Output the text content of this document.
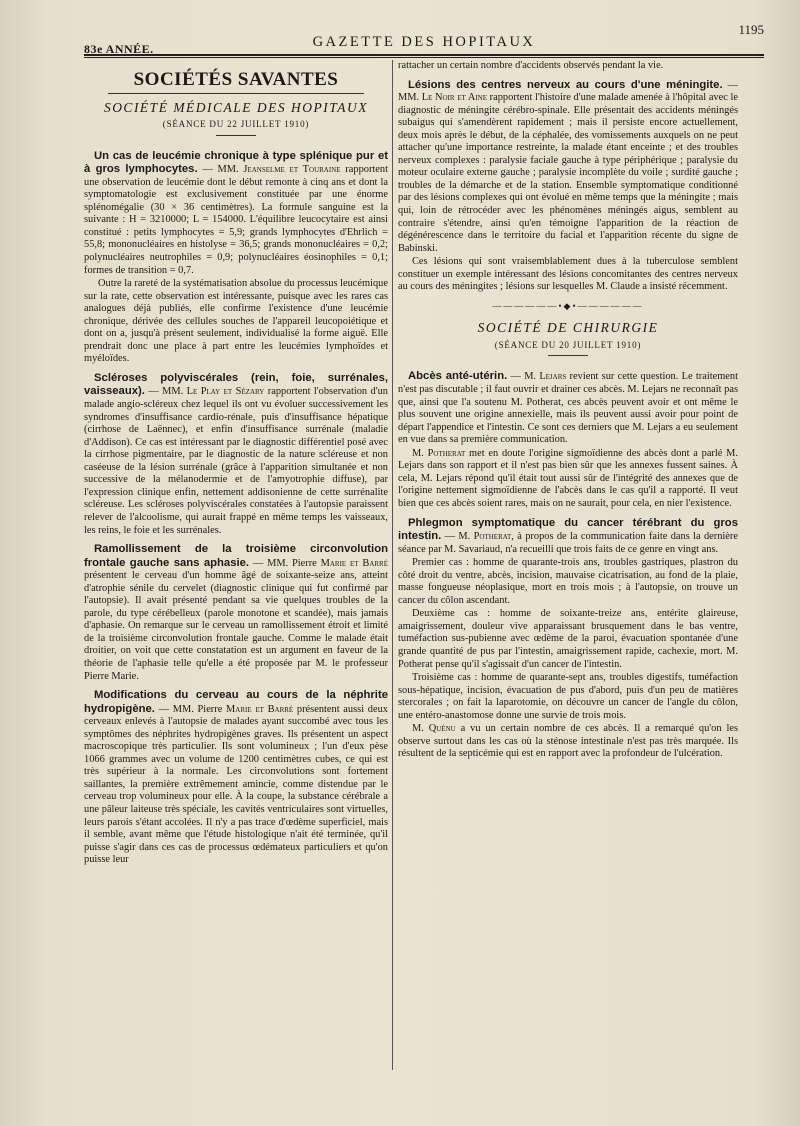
83e ANNÉE.	GAZETTE DES HOPITAUX
1195
SOCIÉTÉS SAVANTES
SOCIÉTÉ MÉDICALE DES HOPITAUX
(SÉANCE DU 22 JUILLET 1910)

Un cas de leucémie chronique à type splénique pur et à gros lymphocytes. — MM. Jeanselme et Touraine rapportent une observation de leucémie dont le début remonte à cinq ans et dont la symptomatologie est exclusivement constituée par une énorme splénomégalie (30 × 36 centimètres). La formule sanguine est la suivante : H = 3210000; L = 154000. L'équilibre leucocytaire est ainsi constitué : petits lymphocytes = 5,9; grands lymphocytes d'Ehrlich = 55,8; mononucléaires en histolyse = 36,5; grands mononucléaires = 0,2; polynucléaires neutrophiles = 0,9; polynucléaires éosinophiles = 0,1; formes de transition = 0,7.

Outre la rareté de la systématisation absolue du processus leucémique sur la rate, cette observation est intéressante, puisque avec les rares cas analogues déjà publiés, elle confirme l'existence d'une leucémie chronique, dérivée des cellules souches de l'appareil leucopoiétique et dont on a, jusqu'à présent seulement, individualisé la forme aiguë. Elle prendrait donc une place à part entre les leucémies lymphoïdes et myéloïdes.

Scléroses polyviscérales (rein, foie, surrénales, vaisseaux). — MM. Le Play et Sézary rapportent l'observation d'un malade angio-scléreux chez lequel ils ont vu évoluer successivement les syndromes d'insuffisance cardio-rénale, puis d'insuffisance hépatique (cirrhose de Laënnec), et enfin d'insuffisance surrénale (maladie d'Addison). Ce cas est intéressant par le diagnostic différentiel posé avec la cirrhose pigmentaire, par le diagnostic de la nature scléreuse et non caséeuse de la lésion surrénale (grâce à l'apparition simultanée et non successive de la mélanodermie et de l'amyotrophie diffuse), par l'expression clinique enfin, nettement addisonienne de cette surrénalite scléreuse. Les scléroses polyviscérales constatées à l'autopsie paraissent relever de l'alcoolisme, qui aurait frappé en même temps les vaisseaux, les reins, le foie et les surrénales.

Ramollissement de la troisième circonvolution frontale gauche sans aphasie. — MM. Pierre Marie et Barré présentent le cerveau d'un homme âgé de soixante-seize ans, atteint d'atrophie sénile du cervelet (diagnostic clinique qui fut confirmé par l'autopsie). Il avait présenté pendant sa vie quelques troubles de la parole, du type cérébelleux (parole monotone et scandée), mais jamais d'aphasie. On remarque sur le cerveau un ramollissement étroit et limité de la troisième circonvolution frontale gauche. Comme le malade était droitier, on voit que cette constatation est un argument en faveur de la théorie de l'aphasie telle qu'elle a été proposée par M. le professeur Pierre Marie.

Modifications du cerveau au cours de la néphrite hydropigène. — MM. Pierre Marie et Barré présentent aussi deux cerveaux enlevés à l'autopsie de malades ayant succombé avec tous les symptômes des néphrites hydropigènes graves. Ils présentent un aspect macroscopique très particulier. Ils sont volumineux ; l'un d'eux pèse 1066 grammes avec un volume de 1200 centimètres cubes, ce qui est très supérieur à la normale. Les circonvolutions sont fortement saillantes, la première extrêmement amincie, comme distendue par le cerveau trop volumineux pour elle. À la coupe, la substance cérébrale a une pâleur laiteuse très spéciale, les cavités ventriculaires sont virtuelles, leurs parois s'étant accolées. Il n'y a pas trace d'œdème superficiel, mais il semble, avant même que l'étude histologique n'ait été terminée, qu'il puisse s'agir dans ces cas de processus œdémateux particuliers et qu'on puisse leur

rattacher un certain nombre d'accidents observés pendant la vie.

Lésions des centres nerveux au cours d'une méningite. — MM. Le Noir et Aine rapportent l'histoire d'une malade amenée à l'hôpital avec le diagnostic de méningite cérébro-spinale. Elle présentait des accidents méningés subaigus qui s'amendèrent rapidement ; mais il persiste encore actuellement, deux mois après le début, de la céphalée, des vomissements auxquels on ne peut attacher qu'une importance restreinte, la malade étant enceinte ; et des troubles nerveux complexes : paralysie faciale gauche à type périphérique ; paralysie du moteur oculaire externe gauche ; paralysie incomplète du voile ; surdité gauche ; troubles de la démarche et de la station. Ensemble symptomatique conditionné par des lésions complexes qui ont évolué en même temps que la méningite ; mais qui, loin de rétrocéder avec les phénomènes méningés aigus, semblent au contraire s'étendre, ainsi qu'en témoigne l'apparition de la réaction de dégénérescence dans le territoire du facial et l'apparition récente du signe de Babinski.

Ces lésions qui sont vraisemblablement dues à la tuberculose semblent constituer un exemple intéressant des lésions concomitantes des centres nerveux au cours des méningites ; lésions sur lesquelles M. Claude a insisté récemment.

——————•◆•——————
SOCIÉTÉ DE CHIRURGIE
(SÉANCE DU 20 JUILLET 1910)

Abcès anté-utérin. — M. Lejars revient sur cette question. Le traitement n'est pas discutable ; il faut ouvrir et drainer ces abcès. M. Lejars ne reconnaît pas que, ainsi que l'a soutenu M. Potherat, ces abcès peuvent avoir et ont même le plus souvent une origine annexielle, mais ils peuvent aussi avoir pour point de départ l'appendice et l'intestin. Ce sont ces derniers que M. Lejars a eu seulement en vue dans sa première communication.

M. Potherat met en doute l'origine sigmoïdienne des abcès dont a parlé M. Lejars dans son rapport et il n'est pas bien sûr que les annexes fussent saines. À cela, M. Lejars répond qu'il était tout aussi sûr de l'intégrité des annexes que de l'origine nettement sigmoïdienne de l'abcès dans le cas qu'il a rapporté. Il veut bien que ces abcès soient rares, mais on ne saurait, pour cela, en nier l'existence.

Phlegmon symptomatique du cancer térébrant du gros intestin. — M. Potherat, à propos de la communication faite dans la dernière séance par M. Savariaud, n'a recueilli que trois faits de ce genre en vingt ans.

Premier cas : homme de quarante-trois ans, troubles gastriques, plastron du côté droit du ventre, abcès, incision, mauvaise cicatrisation, au fond de la plaie, masse fongueuse néoplasique, mort en trois mois ; à l'autopsie, on trouve un cancer du côlon ascendant.

Deuxième cas : homme de soixante-treize ans, entérite glaireuse, amaigrissement, douleur vive apparaissant brusquement dans le bas ventre, tuméfaction sus-pubienne avec œdème de la paroi, évacuation spontanée d'une grande quantité de pus par l'intestin, amaigrissement rapide, cachexie, mort. M. Potherat pense qu'il s'agissait d'un cancer de l'intestin.

Troisième cas : homme de quarante-sept ans, troubles digestifs, tuméfaction sous-hépatique, incision, évacuation de pus d'abord, puis d'un peu de matières stercorales ; on fait la laparotomie, on découvre un cancer de l'angle du côlon, une entéro-anastomose donne une survie de trois mois.

M. Quénu a vu un certain nombre de ces abcès. Il a remarqué qu'on les observe surtout dans les cas où la sténose intestinale n'est pas très marquée. Ils résultent de la septicémie qui est en rapport avec la profondeur de l'ulcération.
